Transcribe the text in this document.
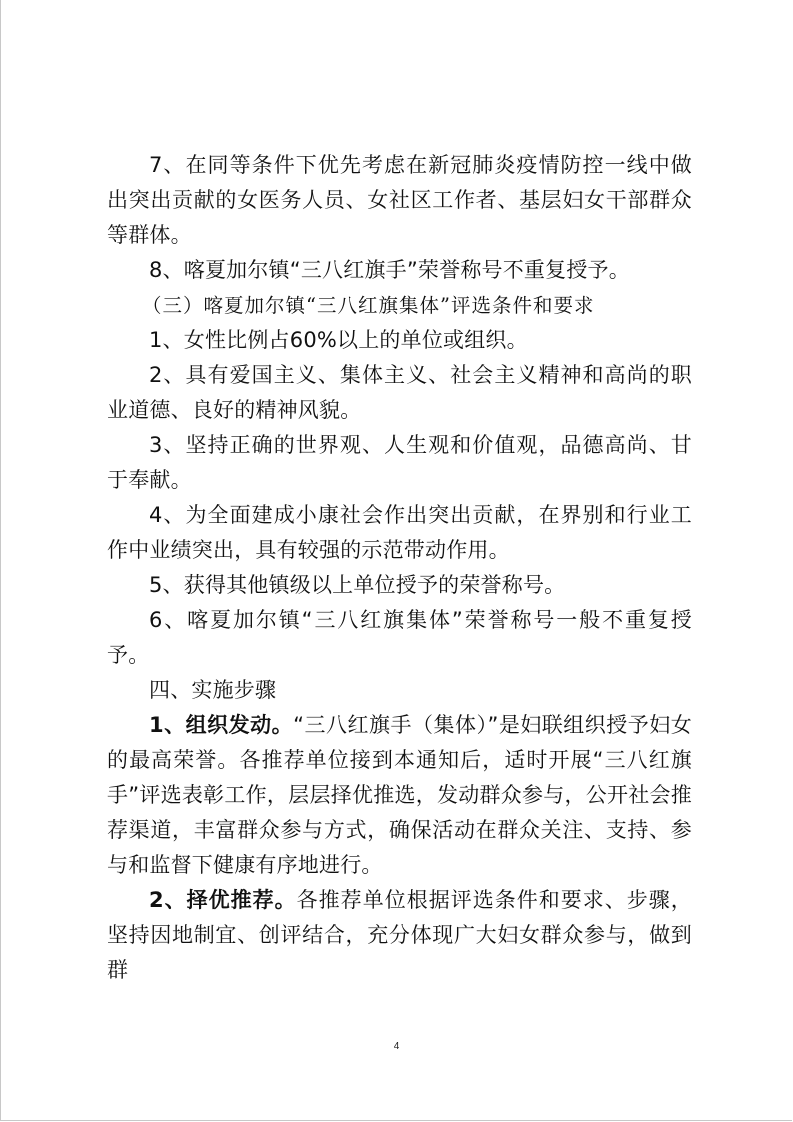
7、在同等条件下优先考虑在新冠肺炎疫情防控一线中做出突出贡献的女医务人员、女社区工作者、基层妇女干部群众等群体。

8、喀夏加尔镇“三八红旗手”荣誉称号不重复授予。

（三）喀夏加尔镇“三八红旗集体”评选条件和要求

1、女性比例占60%以上的单位或组织。

2、具有爱国主义、集体主义、社会主义精神和高尚的职业道德、良好的精神风貌。

3、坚持正确的世界观、人生观和价值观，品德高尚、甘于奉献。

4、为全面建成小康社会作出突出贡献，在界别和行业工作中业绩突出，具有较强的示范带动作用。

5、获得其他镇级以上单位授予的荣誉称号。

6、喀夏加尔镇“三八红旗集体”荣誉称号一般不重复授予。

四、实施步骤

1、组织发动。“三八红旗手（集体）”是妇联组织授予妇女的最高荣誉。各推荐单位接到本通知后，适时开展“三八红旗手”评选表彰工作，层层择优推选，发动群众参与，公开社会推荐渠道，丰富群众参与方式，确保活动在群众关注、支持、参与和监督下健康有序地进行。

2、择优推荐。各推荐单位根据评选条件和要求、步骤，坚持因地制宜、创评结合，充分体现广大妇女群众参与，做到群

4
